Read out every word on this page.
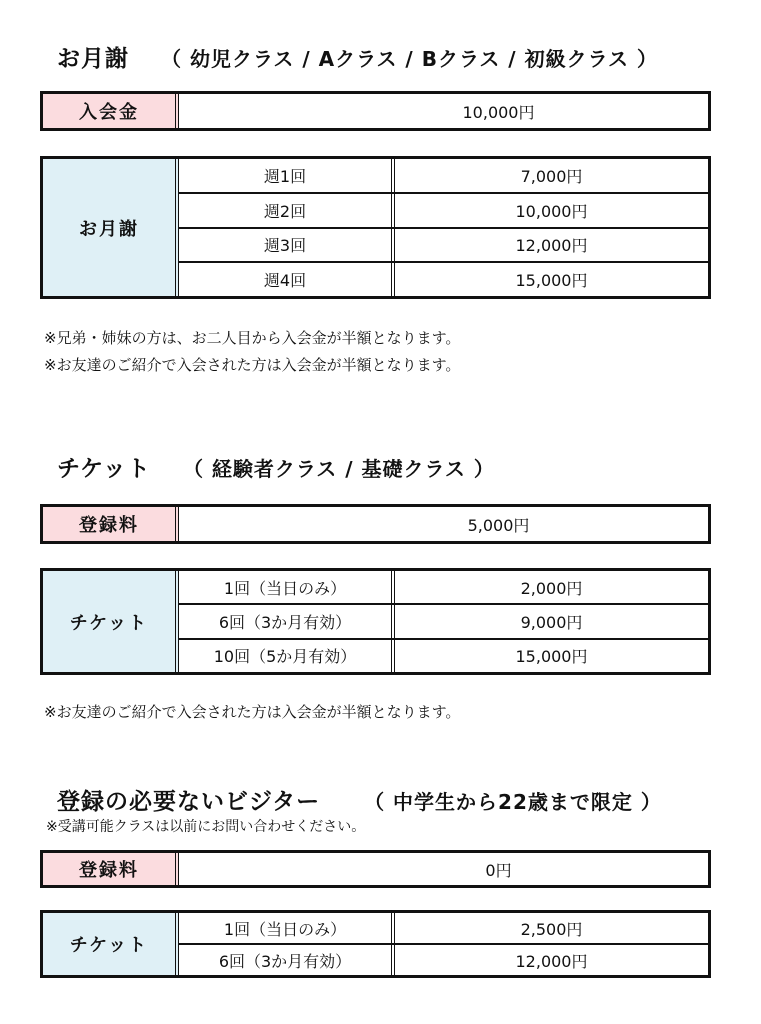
お月謝 （ 幼児クラス / Aクラス / Bクラス / 初級クラス ）
入会金	10,000円
お月謝
週1回	7,000円
週2回	10,000円
週3回	12,000円
週4回	15,000円
※兄弟・姉妹の方は、お二人目から入会金が半額となります。
※お友達のご紹介で入会された方は入会金が半額となります。
チケット （ 経験者クラス / 基礎クラス ）
登録料	5,000円
チケット
1回（当日のみ）	2,000円
6回（3か月有効）	9,000円
10回（5か月有効）	15,000円
※お友達のご紹介で入会された方は入会金が半額となります。
登録の必要ないビジター （ 中学生から22歳まで限定 ）
※受講可能クラスは以前にお問い合わせください。
登録料	0円
チケット
1回（当日のみ）	2,500円
6回（3か月有効）	12,000円
